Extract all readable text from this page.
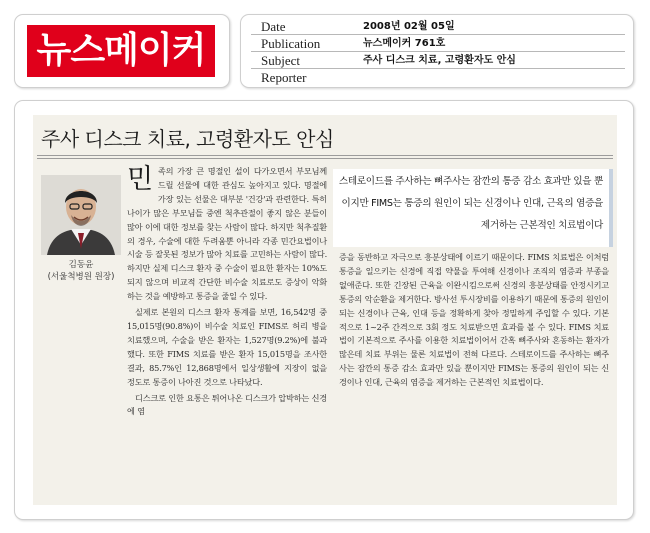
뉴스메이커
Date	2008년 02월 05일
Publication	뉴스메이커 761호
Subject	주사 디스크 치료, 고령환자도 안심
Reporter
주사 디스크 치료, 고령환자도 안심
김동윤
(서울척병원 원장)

민족의 가장 큰 명절인 설이 다가오면서 부모님께 드릴 선물에 대한 관심도 높아지고 있다. 명절에 가장 있는 선물은 대부분 '건강'과 관련한다. 특히 나이가 많은 부모님들 중엔 척추관절이 좋지 않은 분들이 많아 이에 대한 정보를 찾는 사람이 많다. 하지만 척추질환의 경우, 수술에 대한 두려움뿐 아니라 각종 민간요법이나 시술 등 잘못된 정보가 많아 치료를 고민하는 사람이 많다. 하지만 실제 디스크 환자 중 수술이 필요한 환자는 10%도 되지 않으며 비교적 간단한 비수술 치료로도 증상이 악화하는 것을 예방하고 통증을 줄일 수 있다.

실제로 본원의 디스크 환자 통계를 보면, 16,542명 중 15,015명(90.8%)이 비수술 치료인 FIMS로 허리 병을 치료했으며, 수술을 받은 환자는 1,527명(9.2%)에 불과했다. 또한 FIMS 치료를 받은 환자 15,015명을 조사한 결과, 85.7%인 12,868명에서 일상생활에 지장이 없을 정도로 통증이 나아진 것으로 나타났다.

디스크로 인한 요통은 튀어나온 디스크가 압박하는 신경에 염

스테로이드를 주사하는 뼈주사는 잠깐의 통증 감소 효과만 있을 뿐이지만 FIMS는 통증의 원인이 되는 신경이나 인대, 근육의 염증을 제거하는 근본적인 치료법이다
증을 동반하고 자극으로 흥분상태에 이르기 때문이다. FIMS 치료법은 이처럼 통증을 일으키는 신경에 직접 약물을 투여해 신경이나 조직의 염증과 부종을 없애준다. 또한 긴장된 근육을 이완시킴으로써 신경의 흥분상태를 안정시키고 통증의 악순환을 제거한다. 방사선 투시장비를 이용하기 때문에 통증의 원인이 되는 신경이나 근육, 인대 등을 정확하게 찾아 정밀하게 주입할 수 있다. 기본적으로 1~2주 간격으로 3회 정도 치료받으면 효과를 볼 수 있다. FIMS 치료법이 기본적으로 주사를 이용한 치료법이어서 간혹 뼈주사와 혼동하는 환자가 많은데 치료 부위는 물론 치료법이 전혀 다르다. 스테로이드를 주사하는 뼈주사는 잠깐의 통증 감소 효과만 있을 뿐이지만 FIMS는 통증의 원인이 되는 신경이나 인대, 근육의 염증을 제거하는 근본적인 치료법이다.
